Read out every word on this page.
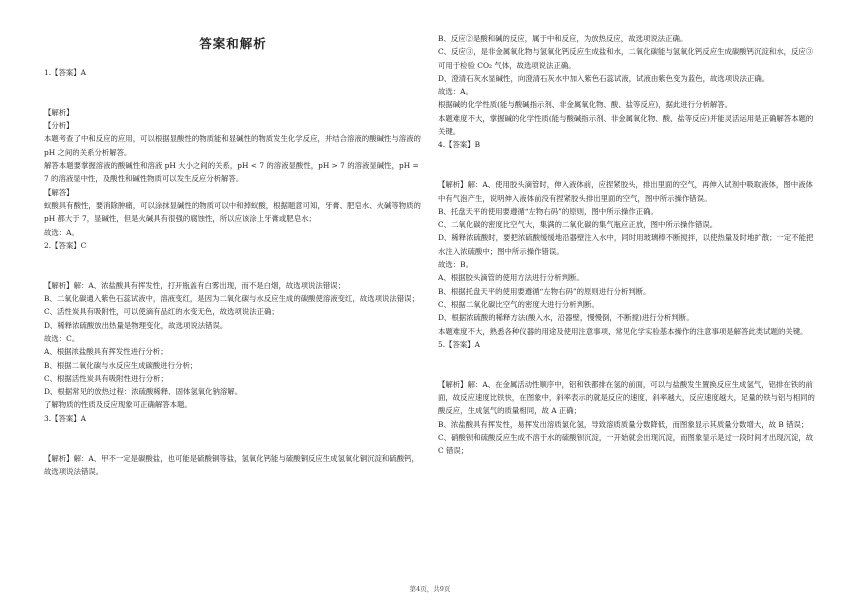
答案和解析

1.【答案】A

【解析】

【分析】

本题考查了中和反应的应用，可以根据显酸性的物质能和显碱性的物质发生化学反应，并结合溶液的酸碱性与溶液的 pH 之间的关系分析解答。

解答本题要掌握溶液的酸碱性和溶液 pH 大小之间的关系，pH < 7 的溶液显酸性，pH > 7 的溶液显碱性，pH = 7 的溶液显中性，及酸性和碱性物质可以发生反应分析解答。

【解答】

蚁酸具有酸性，要消除肿痛，可以涂抹显碱性的物质可以中和掉蚁酸，根据题意可知，牙膏、肥皂水、火碱等物质的 pH 都大于 7，显碱性，但是火碱具有很强的腐蚀性，所以应该涂上牙膏或肥皂水；

故选：A。

2.【答案】C

【解析】解：A、浓盐酸具有挥发性，打开瓶盖有白雾出现，而不是白烟，故选项说法错误；

B、二氧化碳通入紫色石蕊试液中，溶液变红，是因为二氧化碳与水反应生成的碳酸使溶液变红，故选项说法错误；

C、活性炭具有吸附性，可以使滴有品红的水变无色，故选项说法正确；

D、稀释浓硫酸放出热量是物理变化，故选项说法错误。

故选：C。

A、根据浓盐酸具有挥发性进行分析；

B、根据二氧化碳与水反应生成碳酸进行分析；

C、根据活性炭具有吸附性进行分析；

D、根据常见的放热过程：浓硫酸稀释、固体氢氧化钠溶解。

了解物质的性质及反应现象可正确解答本题。

3.【答案】A

【解析】解：A、甲不一定是碳酸盐，也可能是硫酸铜等盐，氢氧化钙能与硫酸铜反应生成氢氧化铜沉淀和硫酸钙，故选项说法错误。

B、反应②是酸和碱的反应，属于中和反应，为放热反应，故选项说法正确。

C、反应③，是非金属氧化物与氢氧化钙反应生成盐和水，二氧化碳能与氢氧化钙反应生成碳酸钙沉淀和水，反应③可用于检验 CO₂ 气体，故选项说法正确。

D、澄清石灰水显碱性，向澄清石灰水中加入紫色石蕊试液，试液由紫色变为蓝色，故选项说法正确。

故选：A。

根据碱的化学性质(能与酸碱指示剂、非金属氧化物、酸、盐等反应)，据此进行分析解答。

本题难度不大，掌握碱的化学性质(能与酸碱指示剂、非金属氧化物、酸、盐等反应)并能灵活运用是正确解答本题的关键。

4.【答案】B

【解析】解：A、使用胶头滴管时，伸入液体前，应捏紧胶头，排出里面的空气，再伸入试剂中吸取液体，图中液体中有气泡产生，说明伸入液体前没有捏紧胶头排出里面的空气，图中所示操作错误。

B、托盘天平的使用要遵循“左物右码”的原则，图中所示操作正确。

C、二氧化碳的密度比空气大，集满的二氧化碳的集气瓶应正放，图中所示操作错误。

D、稀释浓硫酸时，要把浓硫酸缓缓地沿器壁注入水中，同时用玻璃棒不断搅拌，以使热量及时地扩散；一定不能把水注入浓硫酸中；图中所示操作错误。

故选：B。

A、根据胶头滴管的使用方法进行分析判断。

B、根据托盘天平的使用要遵循“左物右码”的原则进行分析判断。

C、根据二氧化碳比空气的密度大进行分析判断。

D、根据浓硫酸的稀释方法(酸入水，沿器壁，慢慢倒，不断搅)进行分析判断。

本题难度不大，熟悉各种仪器的用途及使用注意事项、常见化学实验基本操作的注意事项是解答此类试题的关键。

5.【答案】A

【解析】解：A、在金属活动性顺序中，铝和铁都排在氢的前面，可以与盐酸发生置换反应生成氢气，铝排在铁的前面，故反应速度比铁快，在图象中，斜率表示的就是反应的速度，斜率越大，反应速度越大，足量的铁与铝与相同的酸反应，生成氢气的质量相同，故 A 正确；

B、浓盐酸具有挥发性，易挥发出溶质氯化氢，导致溶质质量分数降低，而图象显示其质量分数增大，故 B 错误；

C、硝酸钡和硫酸反应生成不溶于水的硫酸钡沉淀，一开始就会出现沉淀，而图象显示是过一段时间才出现沉淀，故 C 错误；

第4页，共9页
